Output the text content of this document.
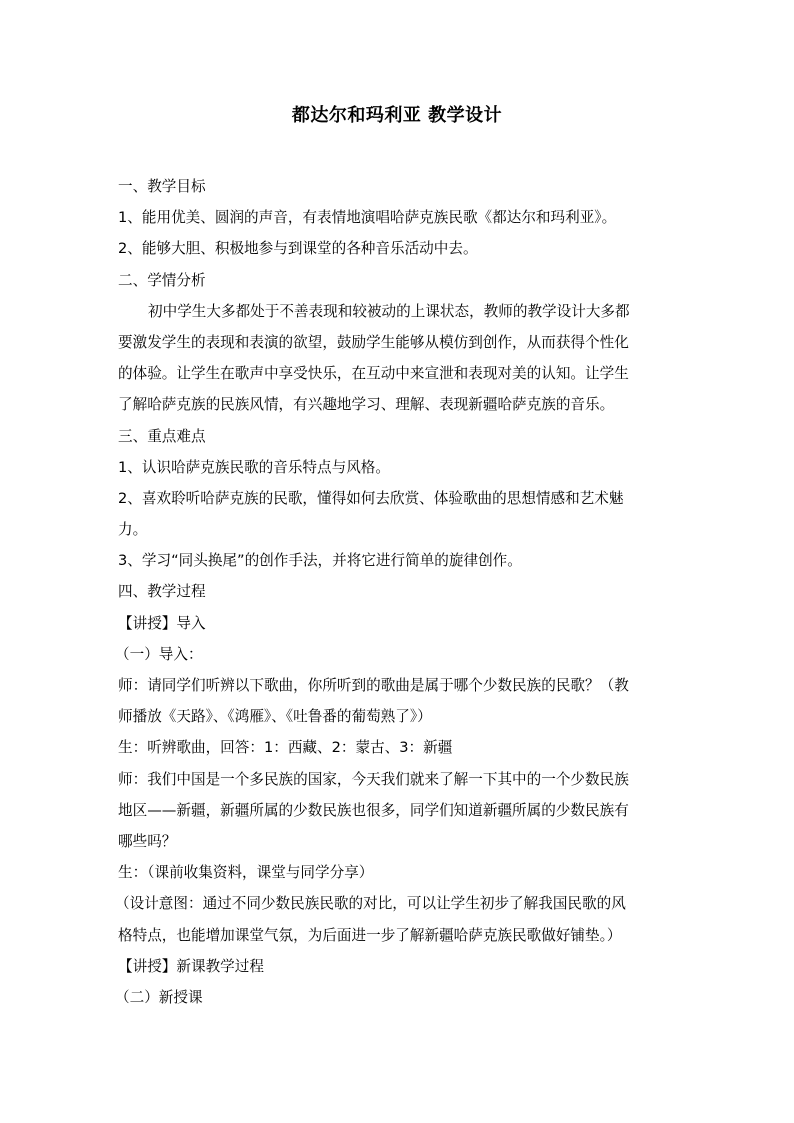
都达尔和玛利亚 教学设计
一、教学目标
1、能用优美、圆润的声音，有表情地演唱哈萨克族民歌《都达尔和玛利亚》。
2、能够大胆、积极地参与到课堂的各种音乐活动中去。
二、学情分析
初中学生大多都处于不善表现和较被动的上课状态，教师的教学设计大多都
要激发学生的表现和表演的欲望，鼓励学生能够从模仿到创作，从而获得个性化
的体验。让学生在歌声中享受快乐，在互动中来宣泄和表现对美的认知。让学生
了解哈萨克族的民族风情，有兴趣地学习、理解、表现新疆哈萨克族的音乐。
三、重点难点
1、认识哈萨克族民歌的音乐特点与风格。
2、喜欢聆听哈萨克族的民歌，懂得如何去欣赏、体验歌曲的思想情感和艺术魅
力。
3、学习“同头换尾”的创作手法，并将它进行简单的旋律创作。
四、教学过程
【讲授】导入
（一）导入：
师：请同学们听辨以下歌曲，你所听到的歌曲是属于哪个少数民族的民歌？（教
师播放《天路》、《鸿雁》、《吐鲁番的葡萄熟了》）
生：听辨歌曲，回答：1：西藏、2：蒙古、3：新疆
师：我们中国是一个多民族的国家，今天我们就来了解一下其中的一个少数民族
地区——新疆，新疆所属的少数民族也很多，同学们知道新疆所属的少数民族有
哪些吗？
生：（课前收集资料，课堂与同学分享）
（设计意图：通过不同少数民族民歌的对比，可以让学生初步了解我国民歌的风
格特点，也能增加课堂气氛，为后面进一步了解新疆哈萨克族民歌做好铺垫。）
【讲授】新课教学过程
（二）新授课
